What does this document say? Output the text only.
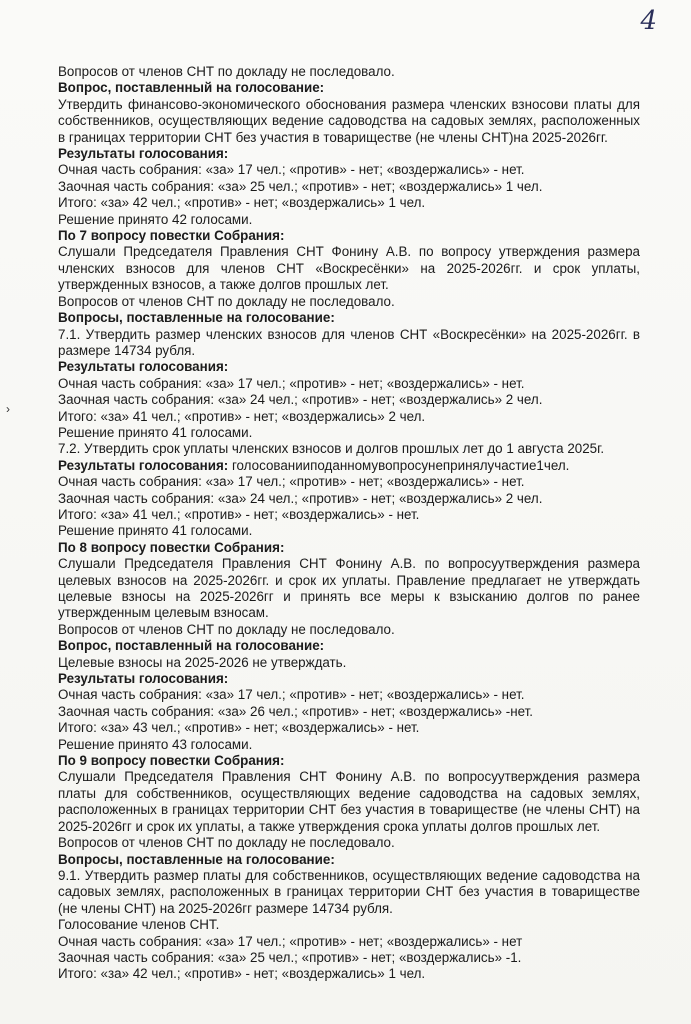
4
›

Вопросов от членов СНТ по докладу не последовало.

Вопрос, поставленный на голосование:

Утвердить финансово-экономического обоснования размера членских взносови платы для собственников, осуществляющих ведение садоводства на садовых землях, расположенных в границах территории СНТ без участия в товариществе (не члены СНТ)на 2025-2026гг.

Результаты голосования:

Очная часть собрания: «за» 17 чел.; «против» - нет; «воздержались» - нет.

Заочная часть собрания: «за» 25 чел.; «против» - нет; «воздержались» 1 чел.

Итого: «за» 42 чел.; «против» - нет; «воздержались» 1 чел.

Решение принято 42 голосами.

По 7 вопросу повестки Собрания:

Слушали Председателя Правления СНТ Фонину А.В. по вопросу утверждения размера членских взносов для членов СНТ «Воскресёнки» на 2025-2026гг. и срок уплаты, утвержденных взносов, а также долгов прошлых лет.

Вопросов от членов СНТ по докладу не последовало.

Вопросы, поставленные на голосование:

7.1. Утвердить размер членских взносов для членов СНТ «Воскресёнки» на 2025-2026гг. в размере 14734 рубля.

Результаты голосования:

Очная часть собрания: «за» 17 чел.; «против» - нет; «воздержались» - нет.

Заочная часть собрания: «за» 24 чел.; «против» - нет; «воздержались» 2 чел.

Итого: «за» 41 чел.; «против» - нет; «воздержались» 2 чел.

Решение принято 41 голосами.

7.2. Утвердить срок уплаты членских взносов и долгов прошлых лет до 1 августа 2025г.

Результаты голосования: голосованииподанномувопросунепринялучастие1чел.

Очная часть собрания: «за» 17 чел.; «против» - нет; «воздержались» - нет.

Заочная часть собрания: «за» 24 чел.; «против» - нет; «воздержались» 2 чел.

Итого: «за» 41 чел.; «против» - нет; «воздержались» - нет.

Решение принято 41 голосами.

По 8 вопросу повестки Собрания:

Слушали Председателя Правления СНТ Фонину А.В. по вопросуутверждения размера целевых взносов на 2025-2026гг. и срок их уплаты. Правление предлагает не утверждать целевые взносы на 2025-2026гг и принять все меры к взысканию долгов по ранее утвержденным целевым взносам.

Вопросов от членов СНТ по докладу не последовало.

Вопрос, поставленный на голосование:

Целевые взносы на 2025-2026 не утверждать.

Результаты голосования:

Очная часть собрания: «за» 17 чел.; «против» - нет; «воздержались» - нет.

Заочная часть собрания: «за» 26 чел.; «против» - нет; «воздержались» -нет.

Итого: «за» 43 чел.; «против» - нет; «воздержались» - нет.

Решение принято 43 голосами.

По 9 вопросу повестки Собрания:

Слушали Председателя Правления СНТ Фонину А.В. по вопросуутверждения размера платы для собственников, осуществляющих ведение садоводства на садовых землях, расположенных в границах территории СНТ без участия в товариществе (не члены СНТ) на 2025-2026гг и срок их уплаты, а также утверждения срока уплаты долгов прошлых лет.

Вопросов от членов СНТ по докладу не последовало.

Вопросы, поставленные на голосование:

9.1. Утвердить размер платы для собственников, осуществляющих ведение садоводства на садовых землях, расположенных в границах территории СНТ без участия в товариществе (не члены СНТ) на 2025-2026гг размере 14734 рубля.

Голосование членов СНТ.

Очная часть собрания: «за» 17 чел.; «против» - нет; «воздержались» - нет

Заочная часть собрания: «за» 25 чел.; «против» - нет; «воздержались» -1.

Итого: «за» 42 чел.; «против» - нет; «воздержались» 1 чел.
